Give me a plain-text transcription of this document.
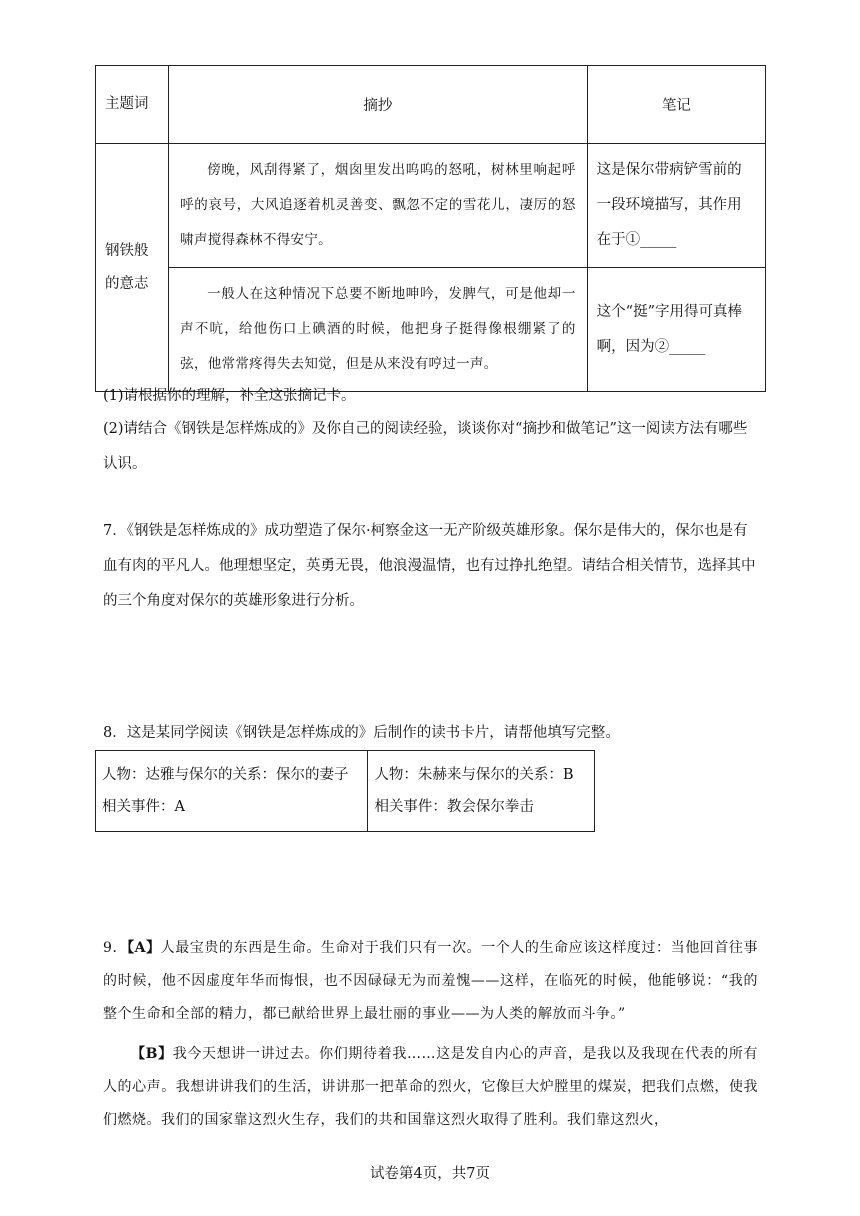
主题词	摘抄	笔记
钢铁般的意志	傍晚，风刮得紧了，烟囱里发出呜呜的怒吼，树林里响起呼呼的哀号，大风追逐着机灵善变、飘忽不定的雪花儿，凄厉的怒啸声搅得森林不得安宁。	这是保尔带病铲雪前的一段环境描写，其作用在于①_____

	一般人在这种情况下总要不断地呻吟，发脾气，可是他却一声不吭，给他伤口上碘酒的时候，他把身子挺得像根绷紧了的弦，他常常疼得失去知觉，但是从来没有哼过一声。	这个“挺”字用得可真棒啊，因为②_____
(1)请根据你的理解，补全这张摘记卡。
(2)请结合《钢铁是怎样炼成的》及你自己的阅读经验，谈谈你对“摘抄和做笔记”这一阅读方法有哪些认识。
7．《钢铁是怎样炼成的》成功塑造了保尔·柯察金这一无产阶级英雄形象。保尔是伟大的，保尔也是有血有肉的平凡人。他理想坚定，英勇无畏，他浪漫温情，也有过挣扎绝望。请结合相关情节，选择其中的三个角度对保尔的英雄形象进行分析。
8．这是某同学阅读《钢铁是怎样炼成的》后制作的读书卡片，请帮他填写完整。
人物：达雅与保尔的关系：保尔的妻子
相关事件：A

人物：朱赫来与保尔的关系：B
相关事件：教会保尔拳击
9．【A】人最宝贵的东西是生命。生命对于我们只有一次。一个人的生命应该这样度过：当他回首往事的时候，他不因虚度年华而悔恨，也不因碌碌无为而羞愧——这样，在临死的时候，他能够说：“我的整个生命和全部的精力，都已献给世界上最壮丽的事业——为人类的解放而斗争。”
【B】我今天想讲一讲过去。你们期待着我……这是发自内心的声音，是我以及我现在代表的所有人的心声。我想讲讲我们的生活，讲讲那一把革命的烈火，它像巨大炉膛里的煤炭，把我们点燃，使我们燃烧。我们的国家靠这烈火生存，我们的共和国靠这烈火取得了胜利。我们靠这烈火，
试卷第4页，共7页
